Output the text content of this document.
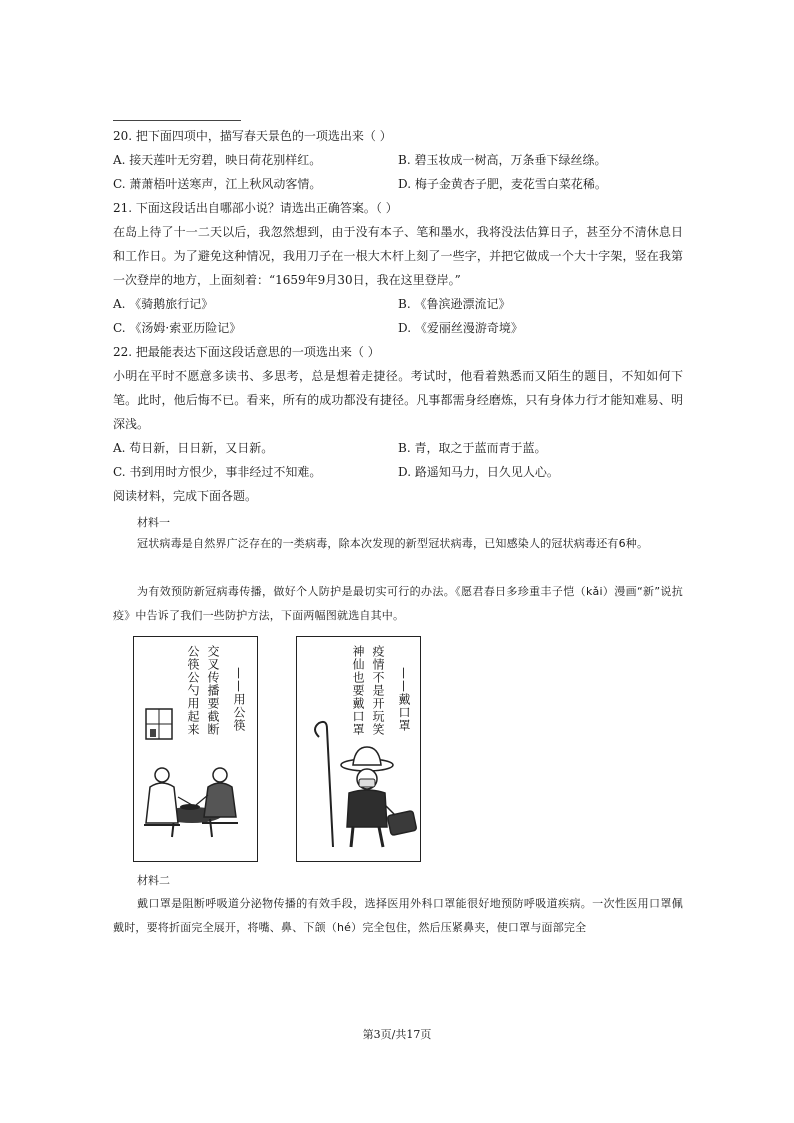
20. 把下面四项中，描写春天景色的一项选出来（ ）
A. 接天莲叶无穷碧，映日荷花别样红。	B. 碧玉妆成一树高，万条垂下绿丝绦。
C. 萧萧梧叶送寒声，江上秋风动客情。	D. 梅子金黄杏子肥，麦花雪白菜花稀。
21. 下面这段话出自哪部小说？请选出正确答案。（ ）
在岛上待了十一二天以后，我忽然想到，由于没有本子、笔和墨水，我将没法估算日子，甚至分不清休息日和工作日。为了避免这种情况，我用刀子在一根大木杆上刻了一些字，并把它做成一个大十字架，竖在我第一次登岸的地方，上面刻着：“1659年9月30日，我在这里登岸。”
A. 《骑鹅旅行记》	B. 《鲁滨逊漂流记》
C. 《汤姆·索亚历险记》	D. 《爱丽丝漫游奇境》
22. 把最能表达下面这段话意思的一项选出来（ ）
小明在平时不愿意多读书、多思考，总是想着走捷径。考试时，他看着熟悉而又陌生的题目，不知如何下笔。此时，他后悔不已。看来，所有的成功都没有捷径。凡事都需身经磨炼，只有身体力行才能知难易、明深浅。
A. 苟日新，日日新，又日新。	B. 青，取之于蓝而青于蓝。
C. 书到用时方恨少，事非经过不知难。	D. 路遥知马力，日久见人心。
阅读材料，完成下面各题。
材料一
冠状病毒是自然界广泛存在的一类病毒，除本次发现的新型冠状病毒，已知感染人的冠状病毒还有6种。
为有效预防新冠病毒传播，做好个人防护是最切实可行的办法。《愿君春日多珍重丰子恺（kǎi）漫画“新”说抗疫》中告诉了我们一些防护方法，下面两幅图就选自其中。
——用公筷
交叉传播要截断
公筷公勺用起来	——戴口罩
疫情不是开玩笑
神仙也要戴口罩
材料二
戴口罩是阻断呼吸道分泌物传播的有效手段，选择医用外科口罩能很好地预防呼吸道疾病。一次性医用口罩佩戴时，要将折面完全展开，将嘴、鼻、下颌（hé）完全包住，然后压紧鼻夹，使口罩与面部完全
第3页/共17页
